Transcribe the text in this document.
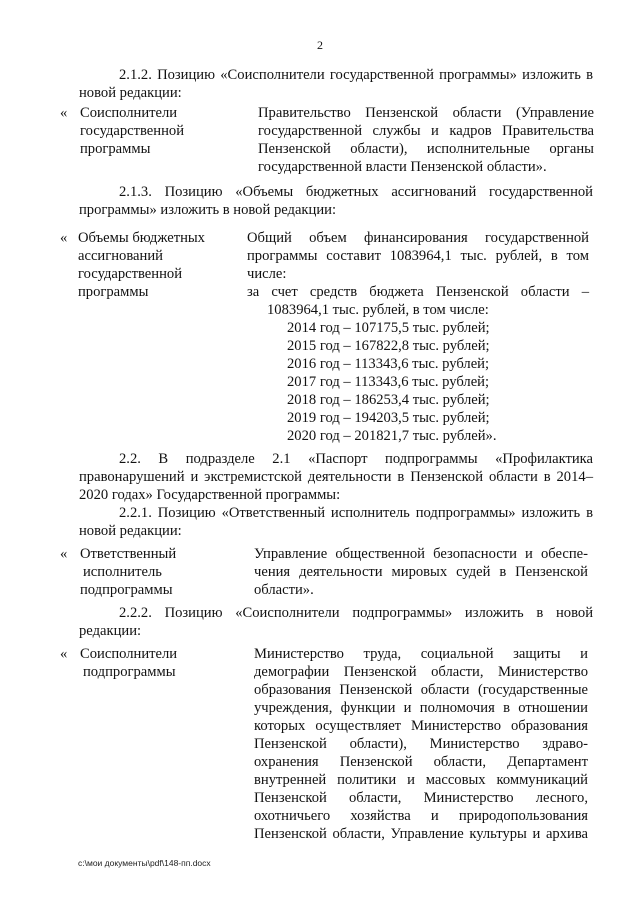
2
2.1.2. Позицию «Соисполнители государственной программы» изложить в новой редакции:
« Соисполнители
государственной
программы
Правительство Пензенской области (Управление
государственной службы и кадров Правительства
Пензенской области), исполнительные органы
государственной власти Пензенской области».
2.1.3. Позицию «Объемы бюджетных ассигнований государственной программы» изложить в новой редакции:
« Объемы бюджетных
ассигнований
государственной
программы
Общий объем финансирования государственной
программы составит 1083964,1 тыс. рублей, в том
числе:
за счет средств бюджета Пензенской области –
1083964,1 тыс. рублей, в том числе:
2014 год – 107175,5 тыс. рублей;
2015 год – 167822,8 тыс. рублей;
2016 год – 113343,6 тыс. рублей;
2017 год – 113343,6 тыс. рублей;
2018 год – 186253,4 тыс. рублей;
2019 год – 194203,5 тыс. рублей;
2020 год – 201821,7 тыс. рублей».
2.2. В подразделе 2.1 «Паспорт подпрограммы «Профилактика правонарушений и экстремистской деятельности в Пензенской области в 2014–2020 годах» Государственной программы:
2.2.1. Позицию «Ответственный исполнитель подпрограммы» изложить в новой редакции:
« Ответственный
исполнитель
подпрограммы
Управление общественной безопасности и обеспе-
чения деятельности мировых судей в Пензенской
области».
2.2.2. Позицию «Соисполнители подпрограммы» изложить в новой редакции:
« Соисполнители
подпрограммы
Министерство труда, социальной защиты и
демографии Пензенской области, Министерство
образования Пензенской области (государственные
учреждения, функции и полномочия в отношении
которых осуществляет Министерство образования
Пензенской области), Министерство здраво-
охранения Пензенской области, Департамент
внутренней политики и массовых коммуникаций
Пензенской области, Министерство лесного,
охотничьего хозяйства и природопользования
Пензенской области, Управление культуры и архива
c:\мои документы\pdf\148-пп.docx
